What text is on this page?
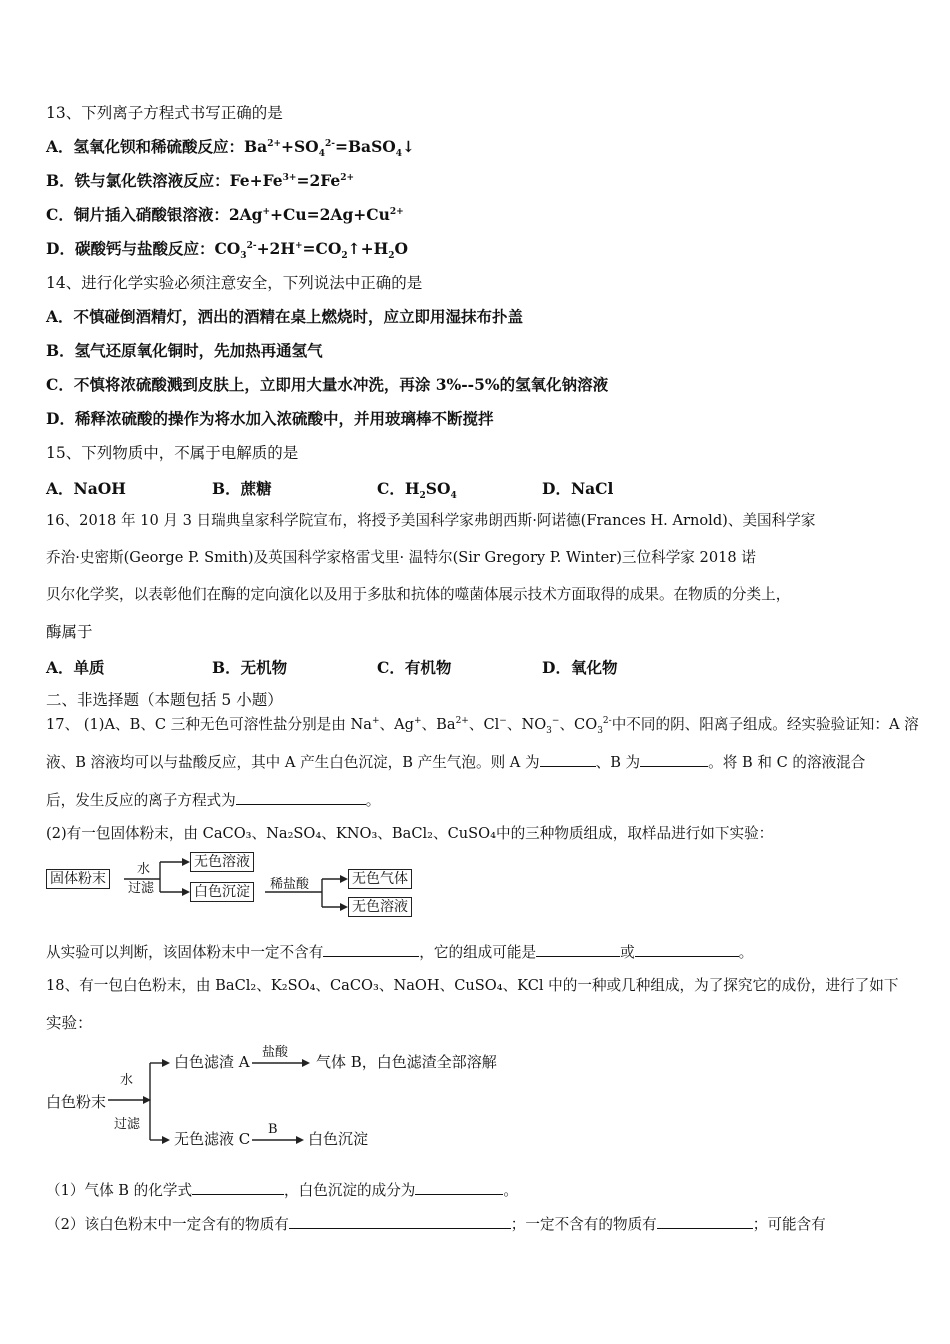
13、下列离子方程式书写正确的是
A．氢氧化钡和稀硫酸反应：$Ba^{2+}+SO_4^{2-}=BaSO_4↓$
B．铁与氯化铁溶液反应：$Fe+Fe^{3+}=2Fe^{2+}$
C．铜片插入硝酸银溶液：$2Ag^++Cu=2Ag+Cu^{2+}$
D．碳酸钙与盐酸反应：$CO_3^{2-}+2H^+=CO_2↑+H_2O$
14、进行化学实验必须注意安全，下列说法中正确的是
A．不慎碰倒酒精灯，洒出的酒精在桌上燃烧时，应立即用湿抹布扑盖
B．氢气还原氧化铜时，先加热再通氢气
C．不慎将浓硫酸溅到皮肤上，立即用大量水冲洗，再涂 3%--5%的氢氧化钠溶液
D．稀释浓硫酸的操作为将水加入浓硫酸中，并用玻璃棒不断搅拌
15、下列物质中，不属于电解质的是
A．NaOH	B．蔗糖	C．$H_2SO_4$	D．NaCl
16、2018 年 10 月 3 日瑞典皇家科学院宣布，将授予美国科学家弗朗西斯·阿诺德(Frances H. Arnold)、美国科学家
乔治·史密斯(George P. Smith)及英国科学家格雷戈里· 温特尔(Sir Gregory P. Winter)三位科学家 2018 诺
贝尔化学奖，以表彰他们在酶的定向演化以及用于多肽和抗体的噬菌体展示技术方面取得的成果。在物质的分类上，
酶属于
A．单质	B．无机物	C．有机物	D．氧化物
二、非选择题（本题包括 5 小题）
17、 (1)A、B、C 三种无色可溶性盐分别是由 Na+、Ag+、$Ba^{2+}$、Cl−、$NO_3^-$、$CO_3^{2-}$中不同的阴、阳离子组成。经实验验证知：A 溶
液、B 溶液均可以与盐酸反应，其中 A 产生白色沉淀，B 产生气泡。则 A 为	、B 为	。将 B 和 C 的溶液混合
后，发生反应的离子方程式为	。
(2)有一包固体粉末，由 CaCO₃、Na₂SO₄、KNO₃、BaCl₂、CuSO₄中的三种物质组成，取样品进行如下实验：
固体粉末
水
过滤
无色溶液
白色沉淀	稀盐酸	无色气体
无色溶液
从实验可以判断，该固体粉末中一定不含有	，它的组成可能是	或	。
18、有一包白色粉末，由 BaCl₂、K₂SO₄、CaCO₃、NaOH、CuSO₄、KCl 中的一种或几种组成，为了探究它的成份，进行了如下
实验：
白色粉末
水
过滤
白色滤渣 A
盐酸
气体 B，白色滤渣全部溶解
无色滤液 C
B
白色沉淀
（1）气体 B 的化学式	，白色沉淀的成分为	。
（2）该白色粉末中一定含有的物质有	；一定不含有的物质有	；可能含有
